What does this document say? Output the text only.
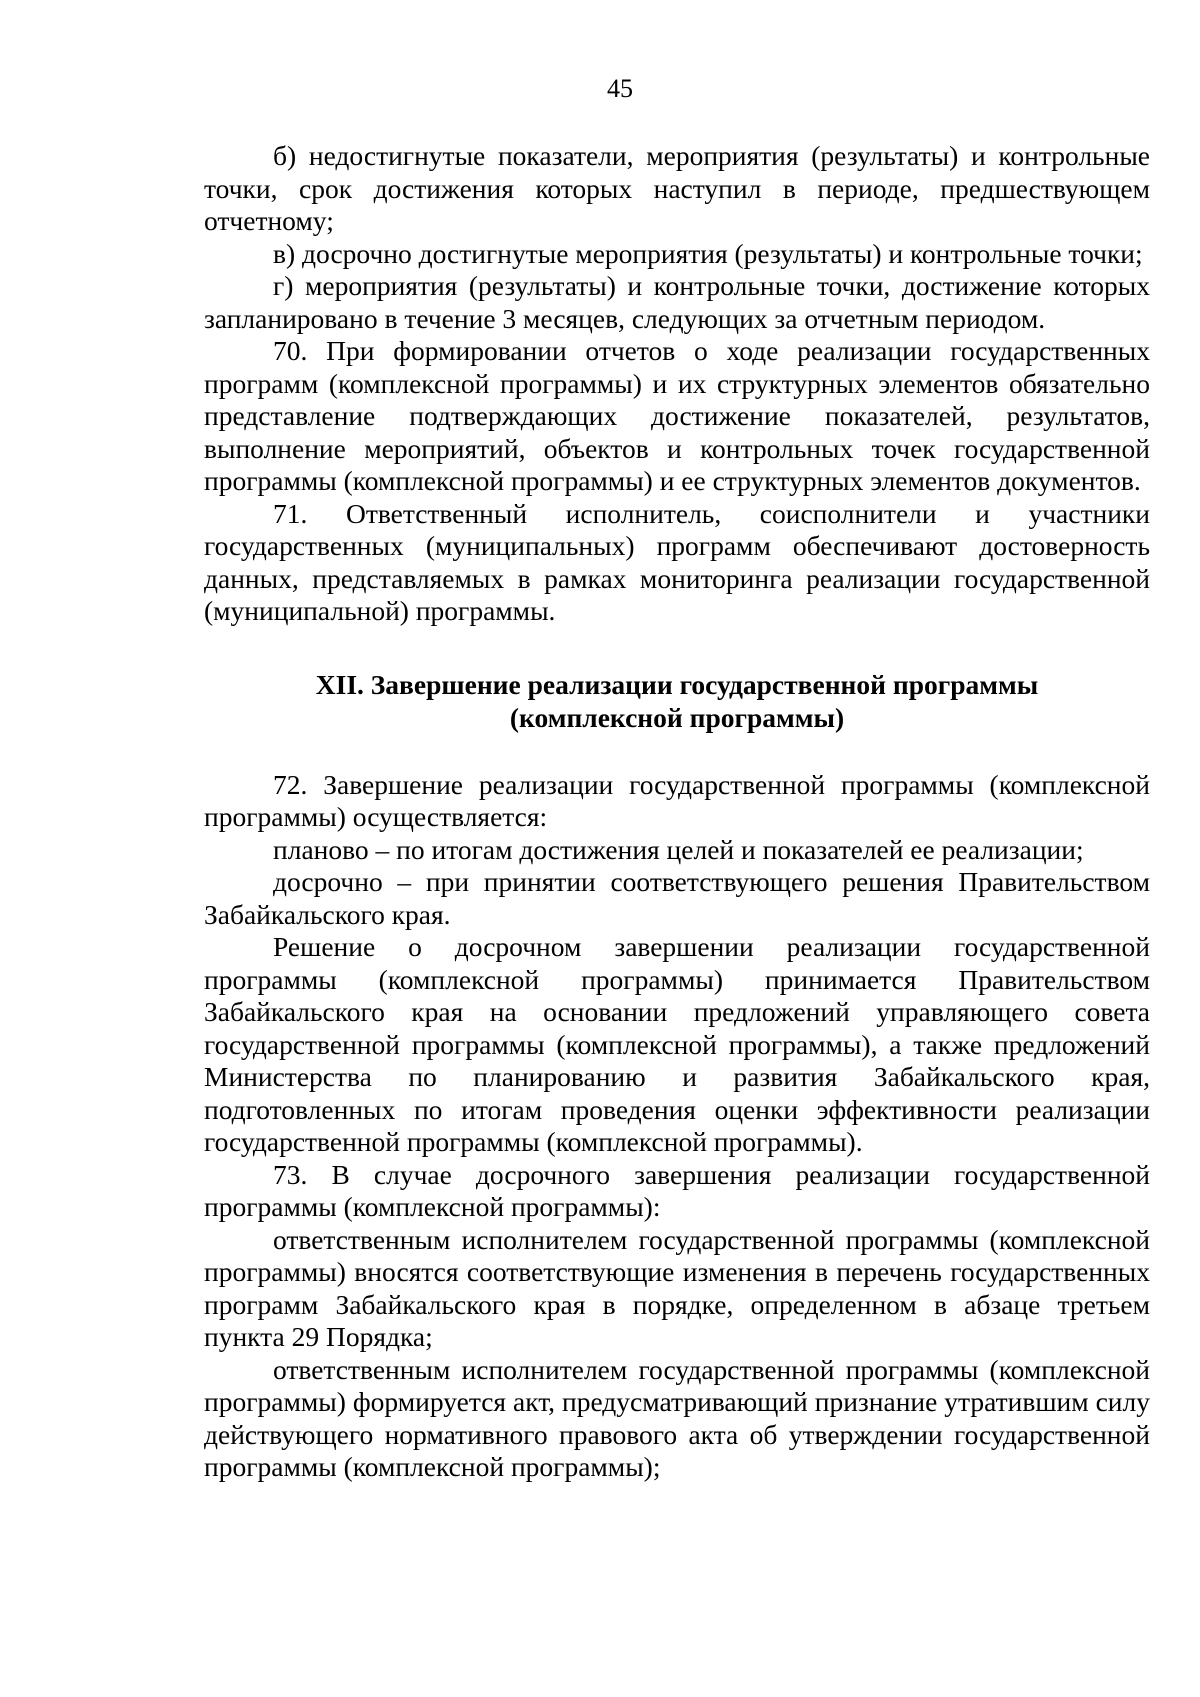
45

б) недостигнутые показатели, мероприятия (результаты) и контрольные точки, срок достижения которых наступил в периоде, предшествующем отчетному;

в) досрочно достигнутые мероприятия (результаты) и контрольные точки;

г) мероприятия (результаты) и контрольные точки, достижение которых запланировано в течение 3 месяцев, следующих за отчетным периодом.

70. При формировании отчетов о ходе реализации государственных программ (комплексной программы) и их структурных элементов обязательно представление подтверждающих достижение показателей, результатов, выполнение мероприятий, объектов и контрольных точек государственной программы (комплексной программы) и ее структурных элементов документов.

71. Ответственный исполнитель, соисполнители и участники государственных (муниципальных) программ обеспечивают достоверность данных, представляемых в рамках мониторинга реализации государственной (муниципальной) программы.

XII. Завершение реализации государственной программы
(комплексной программы)

72. Завершение реализации государственной программы (комплексной программы) осуществляется:

планово – по итогам достижения целей и показателей ее реализации;

досрочно – при принятии соответствующего решения Правительством Забайкальского края.

Решение о досрочном завершении реализации государственной программы (комплексной программы) принимается Правительством Забайкальского края на основании предложений управляющего совета государственной программы (комплексной программы), а также предложений Министерства по планированию и развития Забайкальского края, подготовленных по итогам проведения оценки эффективности реализации государственной программы (комплексной программы).

73. В случае досрочного завершения реализации государственной программы (комплексной программы):

ответственным исполнителем государственной программы (комплексной программы) вносятся соответствующие изменения в перечень государственных программ Забайкальского края в порядке, определенном в абзаце третьем пункта 29 Порядка;

ответственным исполнителем государственной программы (комплексной программы) формируется акт, предусматривающий признание утратившим силу действующего нормативного правового акта об утверждении государственной программы (комплексной программы);
